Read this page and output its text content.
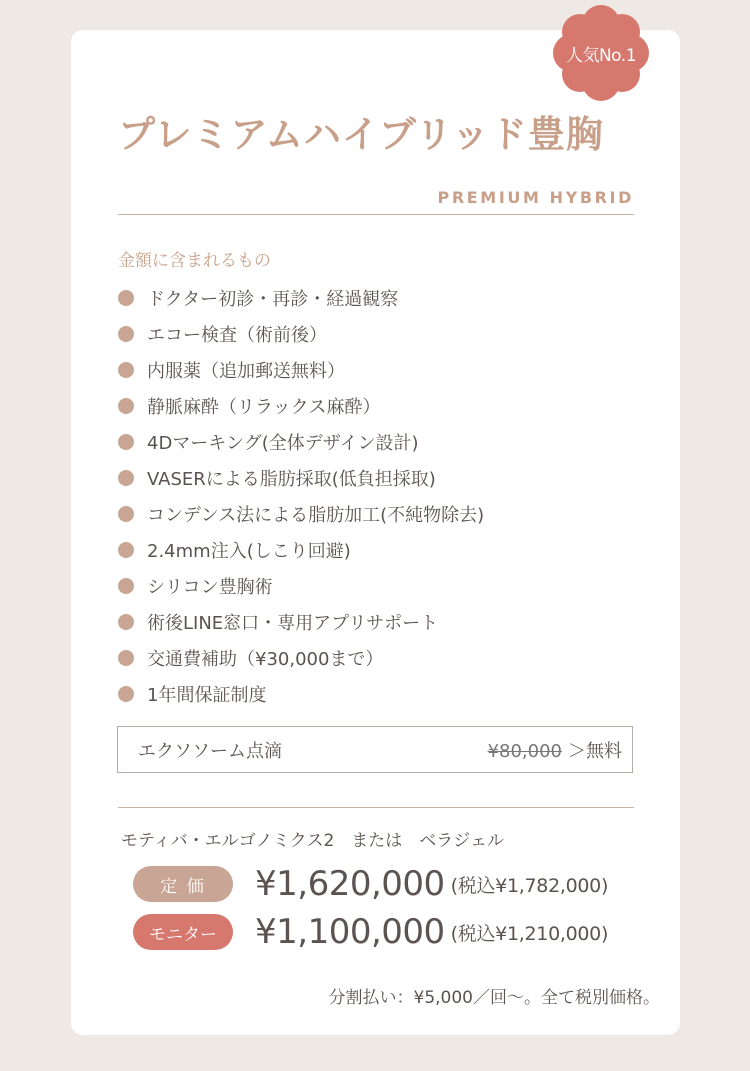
人気No.1
プレミアムハイブリッド豊胸
PREMIUM HYBRID
金額に含まれるもの
ドクター初診・再診・経過観察
エコー検査（術前後）
内服薬（追加郵送無料）
静脈麻酔（リラックス麻酔）
4Dマーキング(全体デザイン設計)
VASERによる脂肪採取(低負担採取)
コンデンス法による脂肪加工(不純物除去)
2.4mm注入(しこり回避)
シリコン豊胸術
術後LINE窓口・専用アプリサポート
交通費補助（¥30,000まで）
1年間保証制度
エクソソーム点滴	¥80,000 ＞無料
モティバ・エルゴノミクス2　または　ベラジェル
定 価	¥1,620,000 (税込¥1,782,000)
モニター	¥1,100,000 (税込¥1,210,000)
分割払い：¥5,000／回～。全て税別価格。
